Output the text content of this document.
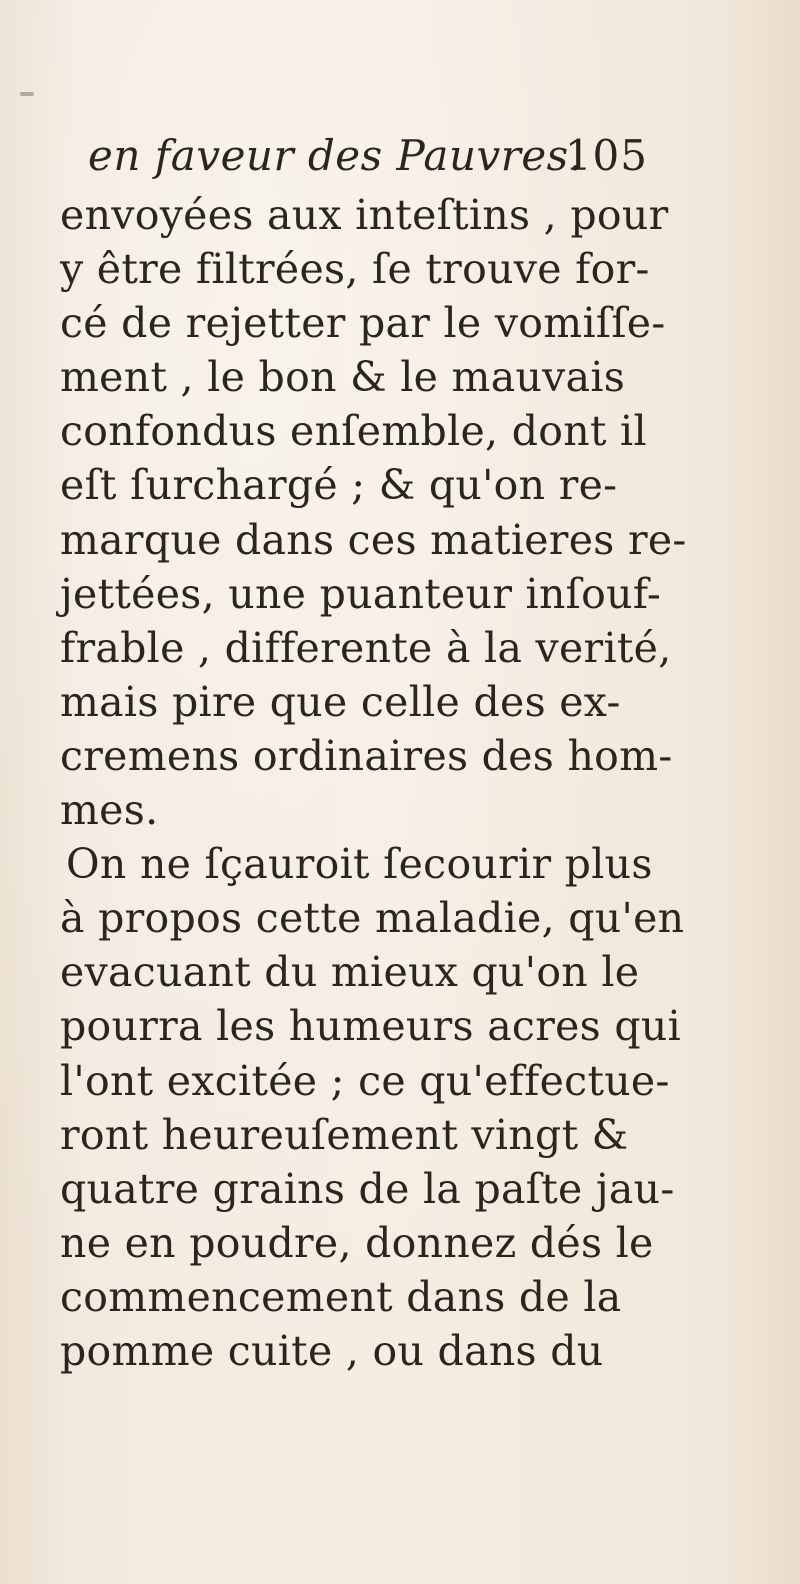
en faveur des Pauvres.
105
envoyées aux inteſtins , pour
y être filtrées, ſe trouve for-
cé de rejetter par le vomiſſe-
ment , le bon & le mauvais
confondus enſemble, dont il
eſt ſurchargé ; & qu'on re-
marque dans ces matieres re-
jettées, une puanteur inſouf-
frable , differente à la verité,
mais pire que celle des ex-
cremens ordinaires des hom-
mes.
On ne ſçauroit ſecourir plus
à propos cette maladie, qu'en
evacuant du mieux qu'on le
pourra les humeurs acres qui
l'ont excitée ; ce qu'effectue-
ront heureuſement vingt &
quatre grains de la paſte jau-
ne en poudre, donnez dés le
commencement dans de la
pomme cuite , ou dans du
